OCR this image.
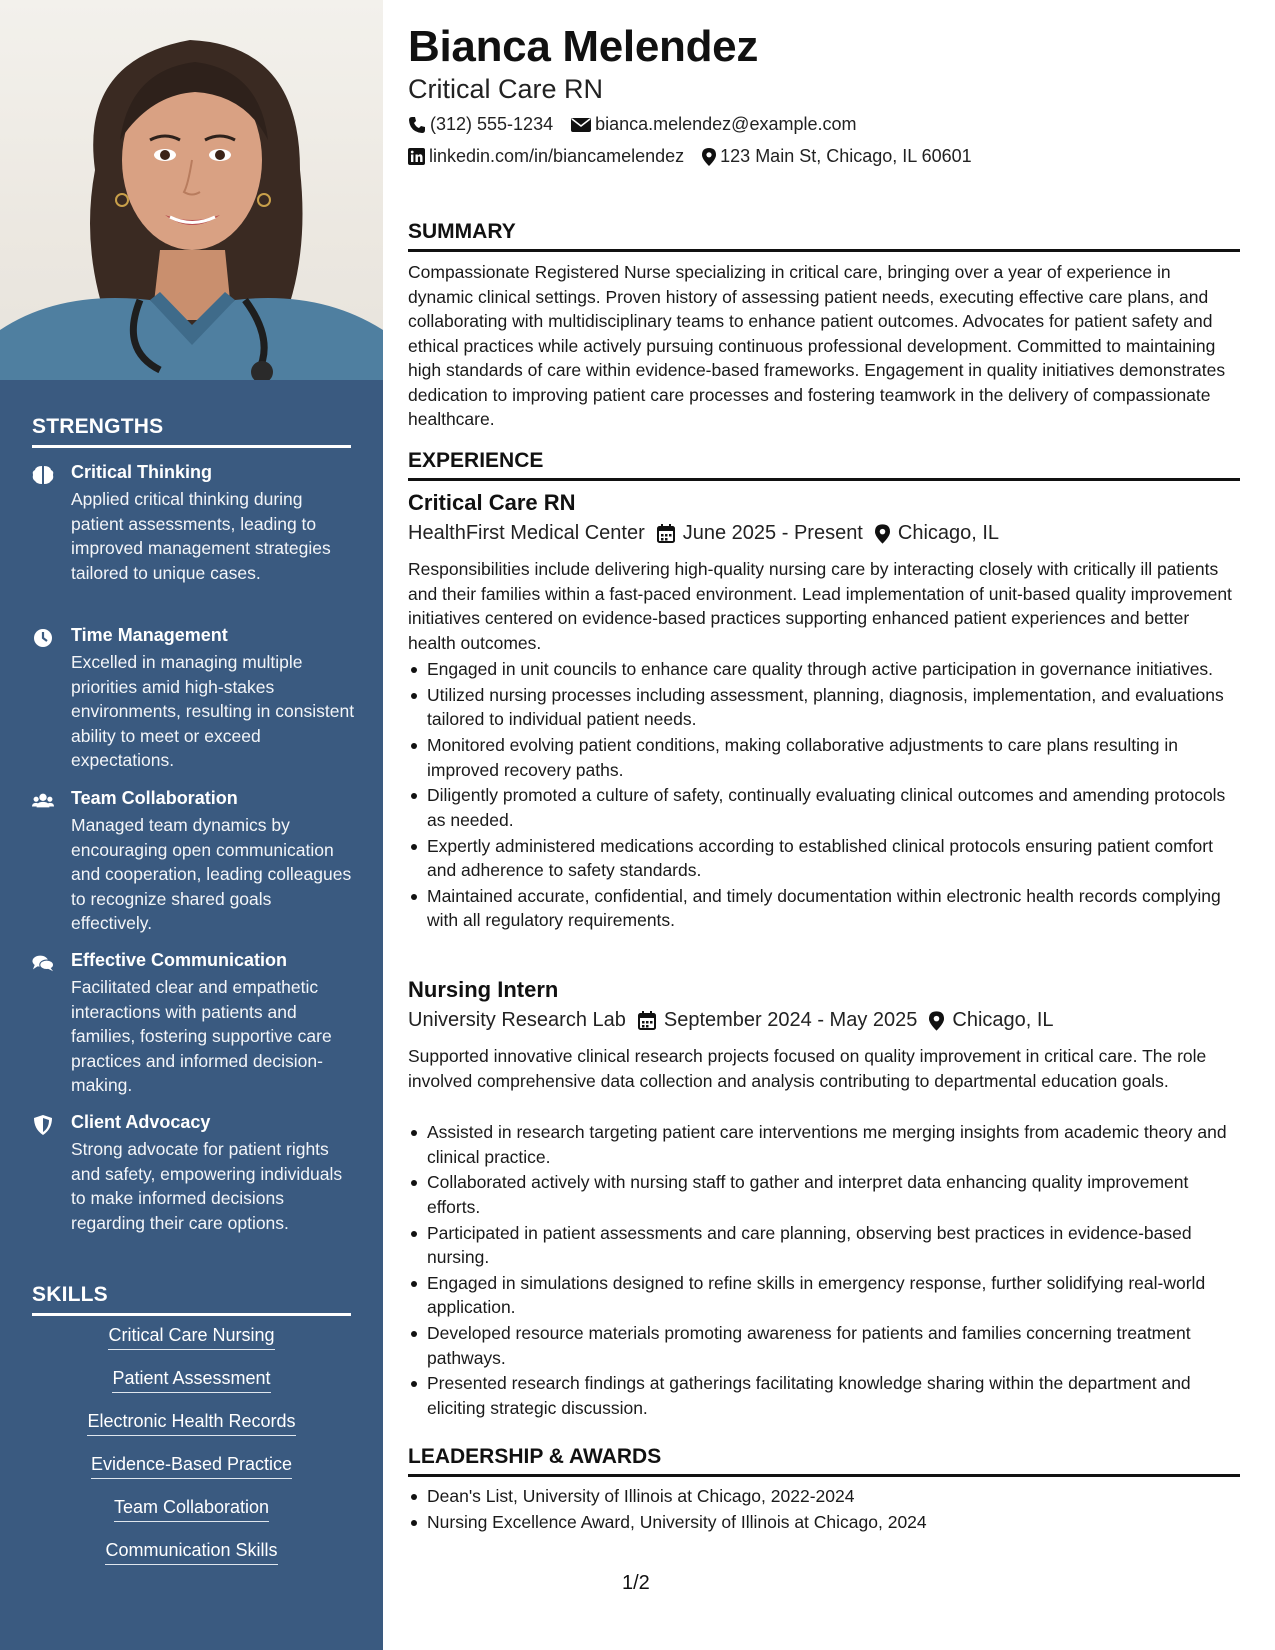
STRENGTHS
Critical Thinking
Applied critical thinking during patient assessments, leading to improved management strategies tailored to unique cases.
Time Management
Excelled in managing multiple priorities amid high-stakes environments, resulting in consistent ability to meet or exceed expectations.
Team Collaboration
Managed team dynamics by encouraging open communication and cooperation, leading colleagues to recognize shared goals effectively.
Effective Communication
Facilitated clear and empathetic interactions with patients and families, fostering supportive care practices and informed decision-making.
Client Advocacy
Strong advocate for patient rights and safety, empowering individuals to make informed decisions regarding their care options.
SKILLS
Critical Care Nursing
Patient Assessment
Electronic Health Records
Evidence-Based Practice
Team Collaboration
Communication Skills
Bianca Melendez
Critical Care RN
(312) 555-1234 bianca.melendez@example.com
linkedin.com/in/biancamelendez 123 Main St, Chicago, IL 60601
SUMMARY
Compassionate Registered Nurse specializing in critical care, bringing over a year of experience in dynamic clinical settings. Proven history of assessing patient needs, executing effective care plans, and collaborating with multidisciplinary teams to enhance patient outcomes. Advocates for patient safety and ethical practices while actively pursuing continuous professional development. Committed to maintaining high standards of care within evidence-based frameworks. Engagement in quality initiatives demonstrates dedication to improving patient care processes and fostering teamwork in the delivery of compassionate healthcare.
EXPERIENCE
Critical Care RN
HealthFirst Medical Center June 2025 - Present Chicago, IL
Responsibilities include delivering high-quality nursing care by interacting closely with critically ill patients and their families within a fast-paced environment. Lead implementation of unit-based quality improvement initiatives centered on evidence-based practices supporting enhanced patient experiences and better health outcomes.
Engaged in unit councils to enhance care quality through active participation in governance initiatives.
Utilized nursing processes including assessment, planning, diagnosis, implementation, and evaluations tailored to individual patient needs.
Monitored evolving patient conditions, making collaborative adjustments to care plans resulting in improved recovery paths.
Diligently promoted a culture of safety, continually evaluating clinical outcomes and amending protocols as needed.
Expertly administered medications according to established clinical protocols ensuring patient comfort and adherence to safety standards.
Maintained accurate, confidential, and timely documentation within electronic health records complying with all regulatory requirements.
Nursing Intern
University Research Lab September 2024 - May 2025 Chicago, IL
Supported innovative clinical research projects focused on quality improvement in critical care. The role involved comprehensive data collection and analysis contributing to departmental education goals.
Assisted in research targeting patient care interventions me merging insights from academic theory and clinical practice.
Collaborated actively with nursing staff to gather and interpret data enhancing quality improvement efforts.
Participated in patient assessments and care planning, observing best practices in evidence-based nursing.
Engaged in simulations designed to refine skills in emergency response, further solidifying real-world application.
Developed resource materials promoting awareness for patients and families concerning treatment pathways.
Presented research findings at gatherings facilitating knowledge sharing within the department and eliciting strategic discussion.
LEADERSHIP & AWARDS
Dean's List, University of Illinois at Chicago, 2022-2024
Nursing Excellence Award, University of Illinois at Chicago, 2024
1/2
